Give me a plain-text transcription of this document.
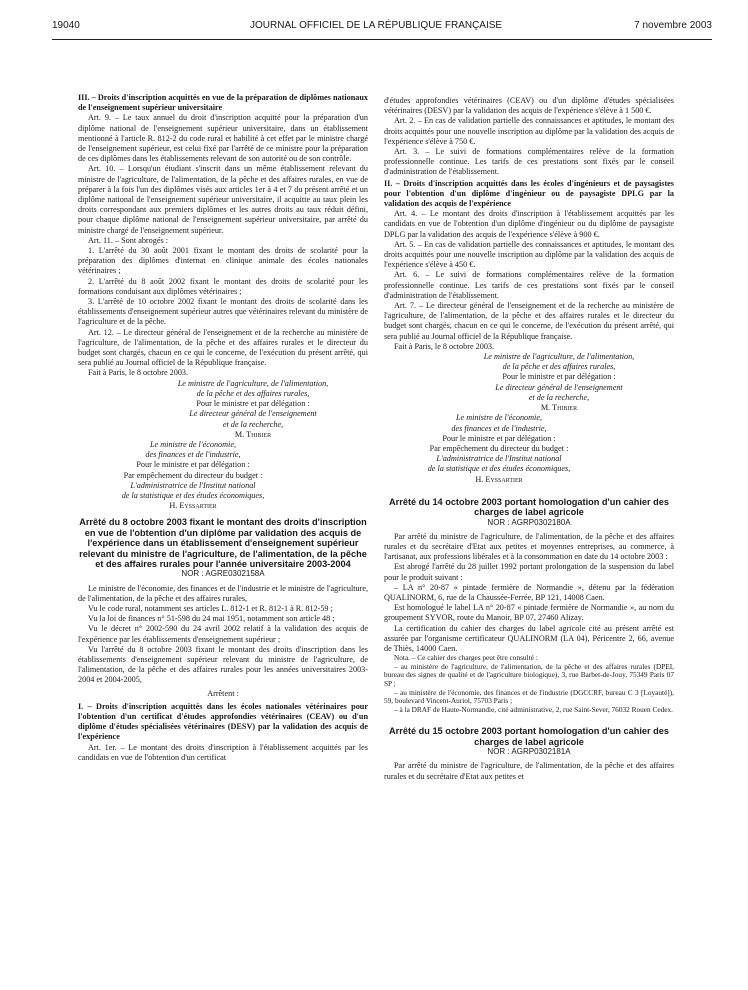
19040	JOURNAL OFFICIEL DE LA RÉPUBLIQUE FRANÇAISE	7 novembre 2003

III. – Droits d'inscription acquittés en vue de la préparation de diplômes nationaux de l'enseignement supérieur universitaire

Art. 9. – Le taux annuel du droit d'inscription acquitté pour la préparation d'un diplôme national de l'enseignement supérieur universitaire, dans un établissement mentionné à l'article R. 812-2 du code rural et habilité à cet effet par le ministre chargé de l'enseignement supérieur, est celui fixé par l'arrêté de ce ministre pour la préparation de ces diplômes dans les établissements relevant de son autorité ou de son contrôle.

Art. 10. – Lorsqu'un étudiant s'inscrit dans un même établissement relevant du ministre de l'agriculture, de l'alimentation, de la pêche et des affaires rurales, en vue de préparer à la fois l'un des diplômes visés aux articles 1er à 4 et 7 du présent arrêté et un diplôme national de l'enseignement supérieur universitaire, il acquitte au taux plein les droits correspondant aux premiers diplômes et les autres droits au taux réduit défini, pour chaque diplôme national de l'enseignement supérieur universitaire, par arrêté du ministre chargé de l'enseignement supérieur.

Art. 11. – Sont abrogés :

1. L'arrêté du 30 août 2001 fixant le montant des droits de scolarité pour la préparation des diplômes d'internat en clinique animale des écoles nationales vétérinaires ;

2. L'arrêté du 8 août 2002 fixant le montant des droits de scolarité pour les formations conduisant aux diplômes vétérinaires ;

3. L'arrêté de 10 octobre 2002 fixant le montant des droits de scolarité dans les établissements d'enseignement supérieur autres que vétérinaires relevant du ministère de l'agriculture et de la pêche.

Art. 12. – Le directeur général de l'enseignement et de la recherche au ministère de l'agriculture, de l'alimentation, de la pêche et des affaires rurales et le directeur du budget sont chargés, chacun en ce qui le concerne, de l'exécution du présent arrêté, qui sera publié au Journal officiel de la République française.

Fait à Paris, le 8 octobre 2003.

Le ministre de l'agriculture, de l'alimentation,

de la pêche et des affaires rurales,

Pour le ministre et par délégation :

Le directeur général de l'enseignement

et de la recherche,

M. Thibier

Le ministre de l'économie,

des finances et de l'industrie,

Pour le ministre et par délégation :

Par empêchement du directeur du budget :

L'administratrice de l'Institut national

de la statistique et des études économiques,

H. Eyssartier

Arrêté du 8 octobre 2003 fixant le montant des droits d'inscription en vue de l'obtention d'un diplôme par validation des acquis de l'expérience dans un établissement d'enseignement supérieur relevant du ministre de l'agriculture, de l'alimentation, de la pêche et des affaires rurales pour l'année universitaire 2003-2004

NOR : AGRE0302158A

Le ministre de l'économie, des finances et de l'industrie et le ministre de l'agriculture, de l'alimentation, de la pêche et des affaires rurales,

Vu le code rural, notamment ses articles L. 812-1 et R. 812-1 à R. 812-59 ;

Vu la loi de finances n° 51-598 du 24 mai 1951, notamment son article 48 ;

Vu le décret n° 2002-590 du 24 avril 2002 relatif à la validation des acquis de l'expérience par les établissements d'enseignement supérieur ;

Vu l'arrêté du 8 octobre 2003 fixant le montant des droits d'inscription dans les établissements d'enseignement supérieur relevant du ministre de l'agriculture, de l'alimentation, de la pêche et des affaires rurales pour les années universitaires 2003-2004 et 2004-2005,

Arrêtent :

I. – Droits d'inscription acquittés dans les écoles nationales vétérinaires pour l'obtention d'un certificat d'études approfondies vétérinaires (CEAV) ou d'un diplôme d'études spécialisées vétérinaires (DESV) par la validation des acquis de l'expérience

Art. 1er. – Le montant des droits d'inscription à l'établissement acquittés par les candidats en vue de l'obtention d'un certificat

d'études approfondies vétérinaires (CEAV) ou d'un diplôme d'études spécialisées vétérinaires (DESV) par la validation des acquis de l'expérience s'élève à 1 500 €.

Art. 2. – En cas de validation partielle des connaissances et aptitudes, le montant des droits acquittés pour une nouvelle inscription au diplôme par la validation des acquis de l'expérience s'élève à 750 €.

Art. 3. – Le suivi de formations complémentaires relève de la formation professionnelle continue. Les tarifs de ces prestations sont fixés par le conseil d'administration de l'établissement.

II. – Droits d'inscription acquittés dans les écoles d'ingénieurs et de paysagistes pour l'obtention d'un diplôme d'ingénieur ou de paysagiste DPLG par la validation des acquis de l'expérience

Art. 4. – Le montant des droits d'inscription à l'établissement acquittés par les candidats en vue de l'obtention d'un diplôme d'ingénieur ou du diplôme de paysagiste DPLG par la validation des acquis de l'expérience s'élève à 900 €.

Art. 5. – En cas de validation partielle des connaissances et aptitudes, le montant des droits acquittés pour une nouvelle inscription au diplôme par la validation des acquis de l'expérience s'élève à 450 €.

Art. 6. – Le suivi de formations complémentaires relève de la formation professionnelle continue. Les tarifs de ces prestations sont fixés par le conseil d'administration de l'établissement.

Art. 7. – Le directeur général de l'enseignement et de la recherche au ministère de l'agriculture, de l'alimentation, de la pêche et des affaires rurales et le directeur du budget sont chargés, chacun en ce qui le concerne, de l'exécution du présent arrêté, qui sera publié au Journal officiel de la République française.

Fait à Paris, le 8 octobre 2003.

Le ministre de l'agriculture, de l'alimentation,

de la pêche et des affaires rurales,

Pour le ministre et par délégation :

Le directeur général de l'enseignement

et de la recherche,

M. Thibier

Le ministre de l'économie,

des finances et de l'industrie,

Pour le ministre et par délégation :

Par empêchement du directeur du budget :

L'administratrice de l'Institut national

de la statistique et des études économiques,

H. Eyssartier

Arrêté du 14 octobre 2003 portant homologation d'un cahier des charges de label agricole

NOR : AGRP0302180A

Par arrêté du ministre de l'agriculture, de l'alimentation, de la pêche et des affaires rurales et du secrétaire d'Etat aux petites et moyennes entreprises, au commerce, à l'artisanat, aux professions libérales et à la consommation en date du 14 octobre 2003 :

Est abrogé l'arrêté du 28 juillet 1992 portant prolongation de la suspension du label pour le produit suivant :

– LA n° 20-87 « pintade fermière de Normandie », détenu par la fédération QUALINORM, 6, rue de la Chaussée-Ferrée, BP 121, 14008 Caen.

Est homologué le label LA n° 20-87 « pintade fermière de Normandie », au nom du groupement SYVOR, route du Manoir, BP 07, 27460 Alizay.

La certification du cahier des charges du label agricole cité au présent arrêté est assurée par l'organisme certificateur QUALINORM (LA 04), Péricentre 2, 66, avenue de Thiès, 14000 Caen.

Nota. – Ce cahier des charges peut être consulté :

– au ministère de l'agriculture, de l'alimentation, de la pêche et des affaires rurales (DPEI, bureau des signes de qualité et de l'agriculture biologique), 3, rue Barbet-de-Jouy, 75349 Paris 07 SP ;

– au ministère de l'économie, des finances et de l'industrie (DGCCRF, bureau C 3 [Loyauté]), 59, boulevard Vincent-Auriol, 75703 Paris ;

– à la DRAF de Haute-Normandie, cité administrative, 2, rue Saint-Sever, 76032 Rouen Cedex.

Arrêté du 15 octobre 2003 portant homologation d'un cahier des charges de label agricole

NOR : AGRP0302181A

Par arrêté du ministre de l'agriculture, de l'alimentation, de la pêche et des affaires rurales et du secrétaire d'Etat aux petites et
